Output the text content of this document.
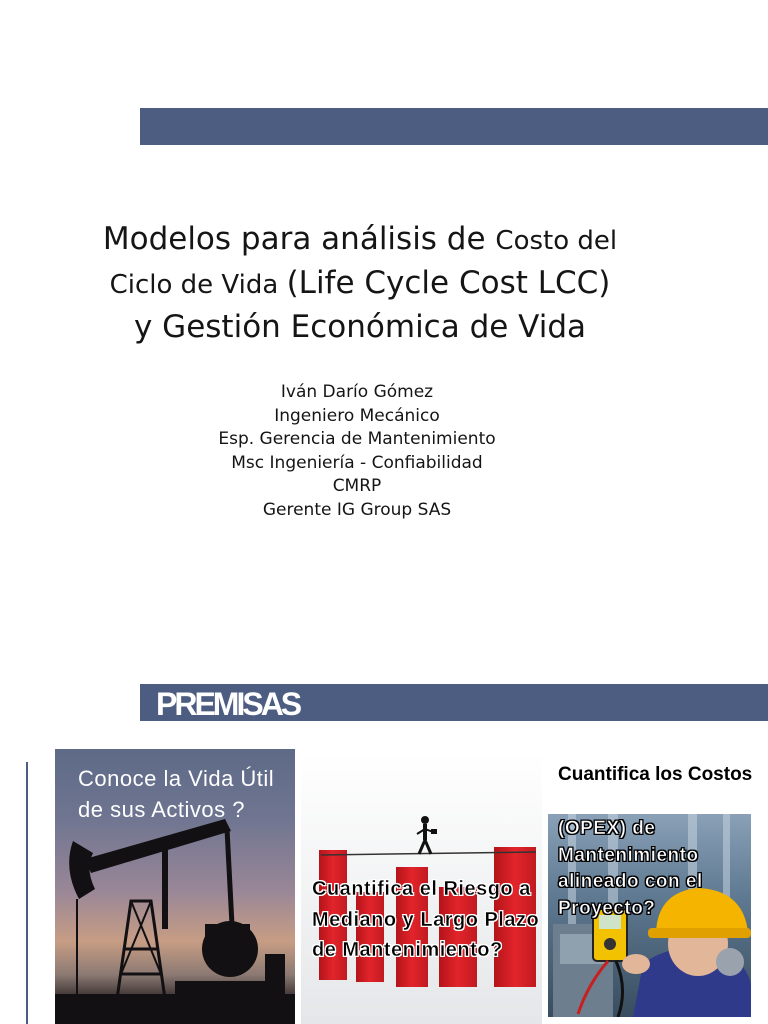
Modelos para análisis de Costo del
Ciclo de Vida (Life Cycle Cost LCC)
y Gestión Económica de Vida
Iván Darío Gómez
Ingeniero Mecánico
Esp. Gerencia de Mantenimiento
Msc Ingeniería - Confiabilidad
CMRP
Gerente IG Group SAS
PREMISAS
Conoce la Vida Útil de sus Activos ?
Cuantifica el Riesgo a Mediano y Largo Plazo de Mantenimiento?
Cuantifica los Costos
(OPEX) de Mantenimiento alineado con el Proyecto?
